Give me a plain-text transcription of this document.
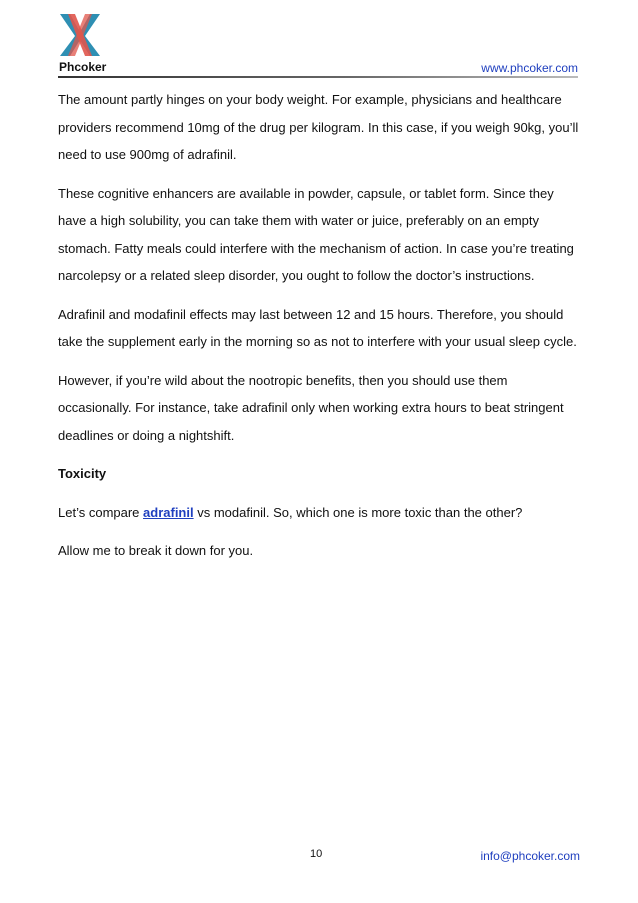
Phcoker	www.phcoker.com

The amount partly hinges on your body weight. For example, physicians and healthcare providers recommend 10mg of the drug per kilogram. In this case, if you weigh 90kg, you’ll need to use 900mg of adrafinil.

These cognitive enhancers are available in powder, capsule, or tablet form. Since they have a high solubility, you can take them with water or juice, preferably on an empty stomach. Fatty meals could interfere with the mechanism of action. In case you’re treating narcolepsy or a related sleep disorder, you ought to follow the doctor’s instructions.

Adrafinil and modafinil effects may last between 12 and 15 hours. Therefore, you should take the supplement early in the morning so as not to interfere with your usual sleep cycle.

However, if you’re wild about the nootropic benefits, then you should use them occasionally. For instance, take adrafinil only when working extra hours to beat stringent deadlines or doing a nightshift.

Toxicity

Let’s compare adrafinil vs modafinil. So, which one is more toxic than the other?

Allow me to break it down for you.

10	info@phcoker.com
